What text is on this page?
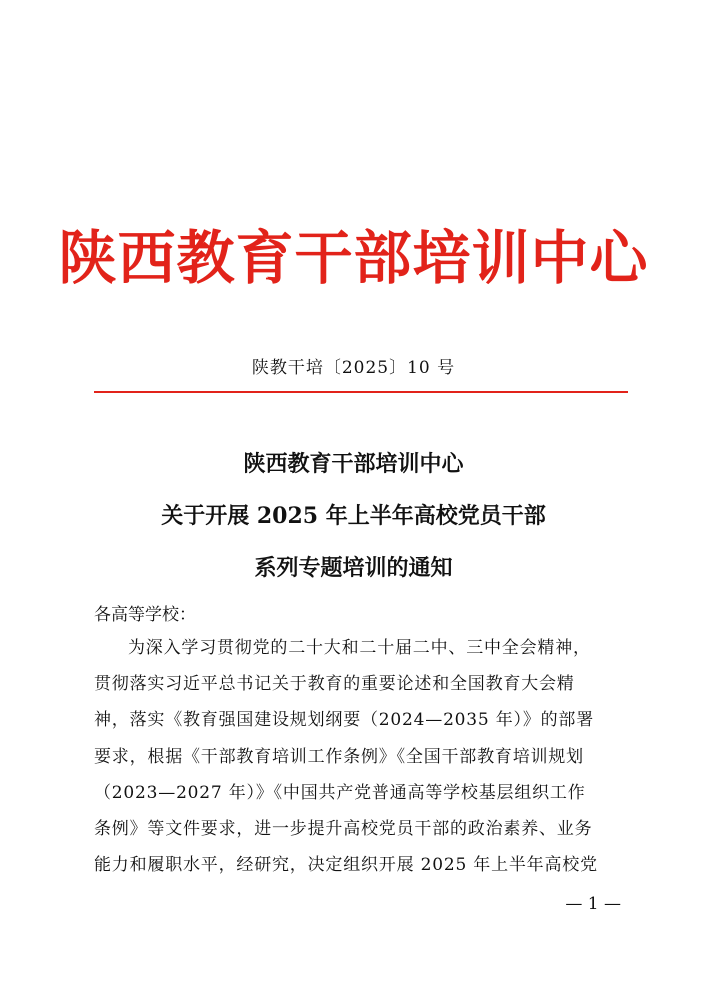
陕西教育干部培训中心
陕教干培〔2025〕10 号
陕西教育干部培训中心
关于开展 2025 年上半年高校党员干部
系列专题培训的通知
各高等学校：
为深入学习贯彻党的二十大和二十届二中、三中全会精神，
贯彻落实习近平总书记关于教育的重要论述和全国教育大会精
神，落实《教育强国建设规划纲要（2024—2035 年）》的部署
要求，根据《干部教育培训工作条例》《全国干部教育培训规划
（2023—2027 年）》《中国共产党普通高等学校基层组织工作
条例》等文件要求，进一步提升高校党员干部的政治素养、业务
能力和履职水平，经研究，决定组织开展 2025 年上半年高校党
— 1 —
